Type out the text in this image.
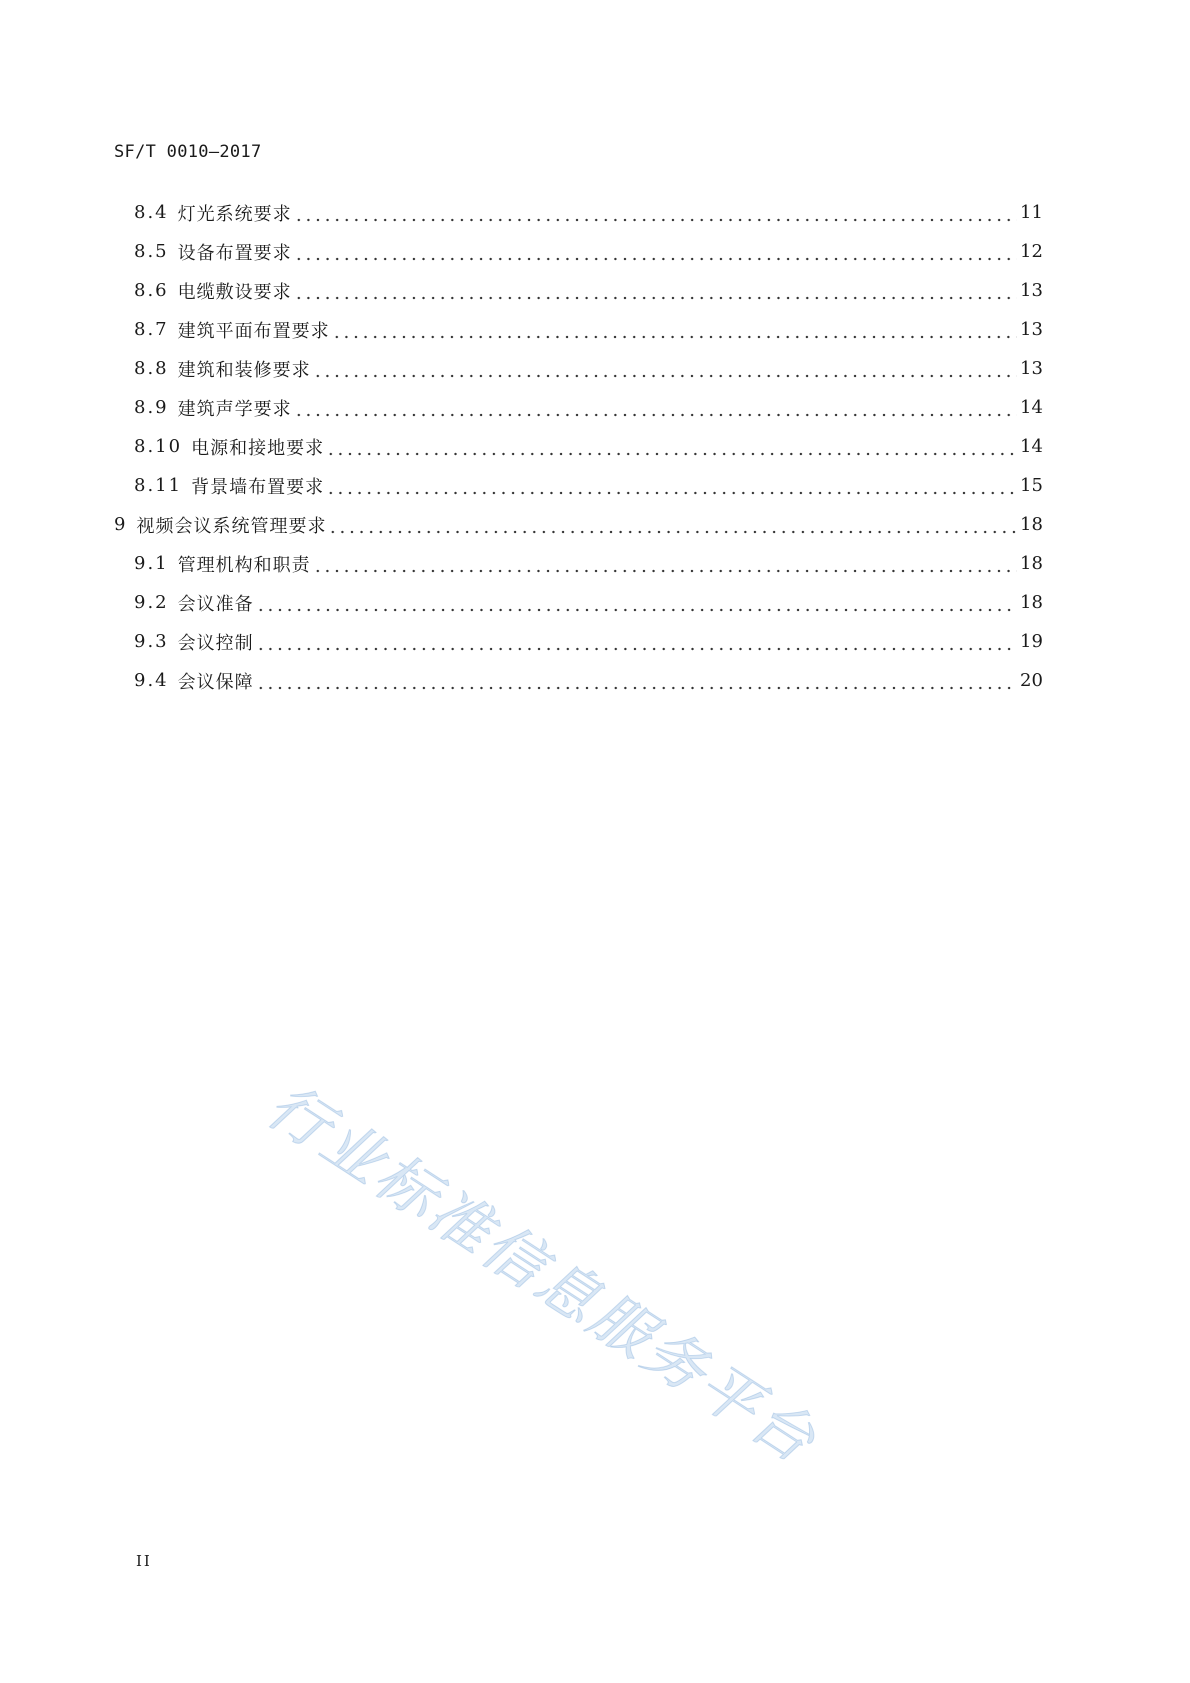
SF/T 0010—2017
8.4 灯光系统要求	11
8.5 设备布置要求	12
8.6 电缆敷设要求	13
8.7 建筑平面布置要求	13
8.8 建筑和装修要求	13
8.9 建筑声学要求	14
8.10 电源和接地要求	14
8.11 背景墙布置要求	15
9 视频会议系统管理要求	18
9.1 管理机构和职责	18
9.2 会议准备	18
9.3 会议控制	19
9.4 会议保障	20
行业标准信息服务平台
II
